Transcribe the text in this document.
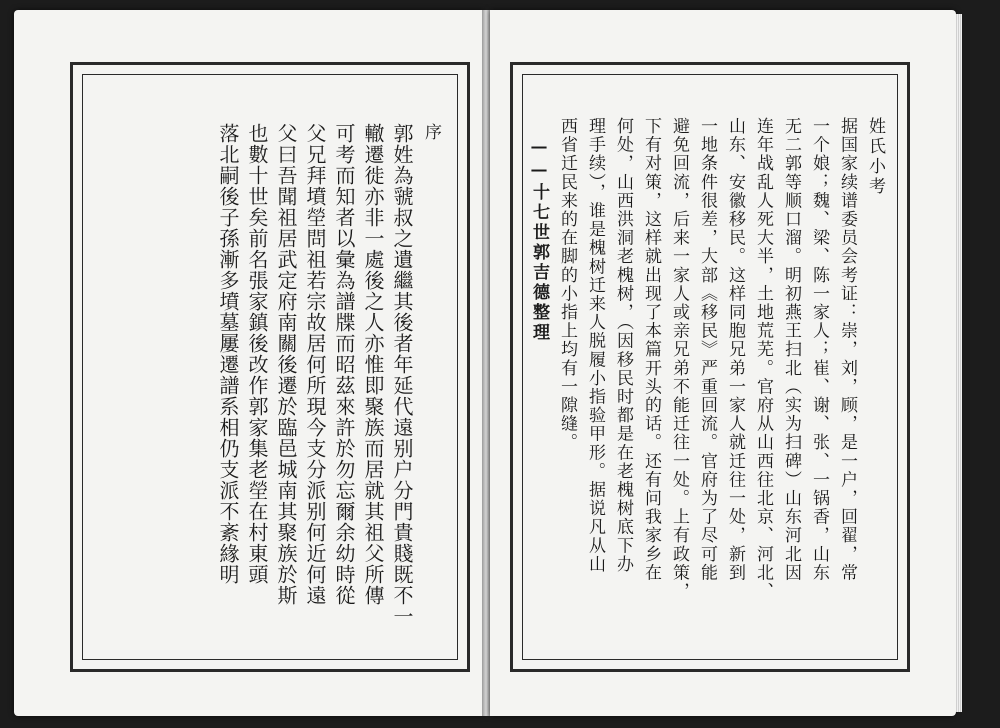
序
郭姓為虢叔之遺繼其後者年延代遠别户分門貴賤既不一
轍遷徙亦非一處後之人亦惟即聚族而居就其祖父所傳
可考而知者以彙為譜牒而昭茲來許於勿忘爾余幼時從
父兄拜墳塋問祖若宗故居何所現今支分派别何近何遠
父曰吾聞祖居武定府南關後遷於臨邑城南其聚族於斯
也數十世矣前名張家鎮後改作郭家集老塋在村東頭
落北嗣後子孫漸多墳墓屢遷譜系相仍支派不紊緣明	姓氏小考
据国家续谱委员会考证：崇，刘，顾，是一户，回翟，常
一个娘；魏、梁、陈一家人；崔、谢、张、一锅香，山东
无二郭等顺口溜。明初燕王扫北（实为扫碑）山东河北因
连年战乱人死大半，土地荒芜。官府从山西往北京、河北、
山东、安徽移民。这样同胞兄弟一家人就迁往一处，新到
一地条件很差，大部《移民》严重回流。官府为了尽可能
避免回流，后来一家人或亲兄弟不能迁往一处。上有政策，
下有对策，这样就出现了本篇开头的话。还有问我家乡在
何处，山西洪洞老槐树，（因移民时都是在老槐树底下办
理手续），谁是槐树迁来人脱履小指验甲形。据说凡从山
西省迁民来的在脚的小指上均有一隙缝。
——十七世郭吉德整理
